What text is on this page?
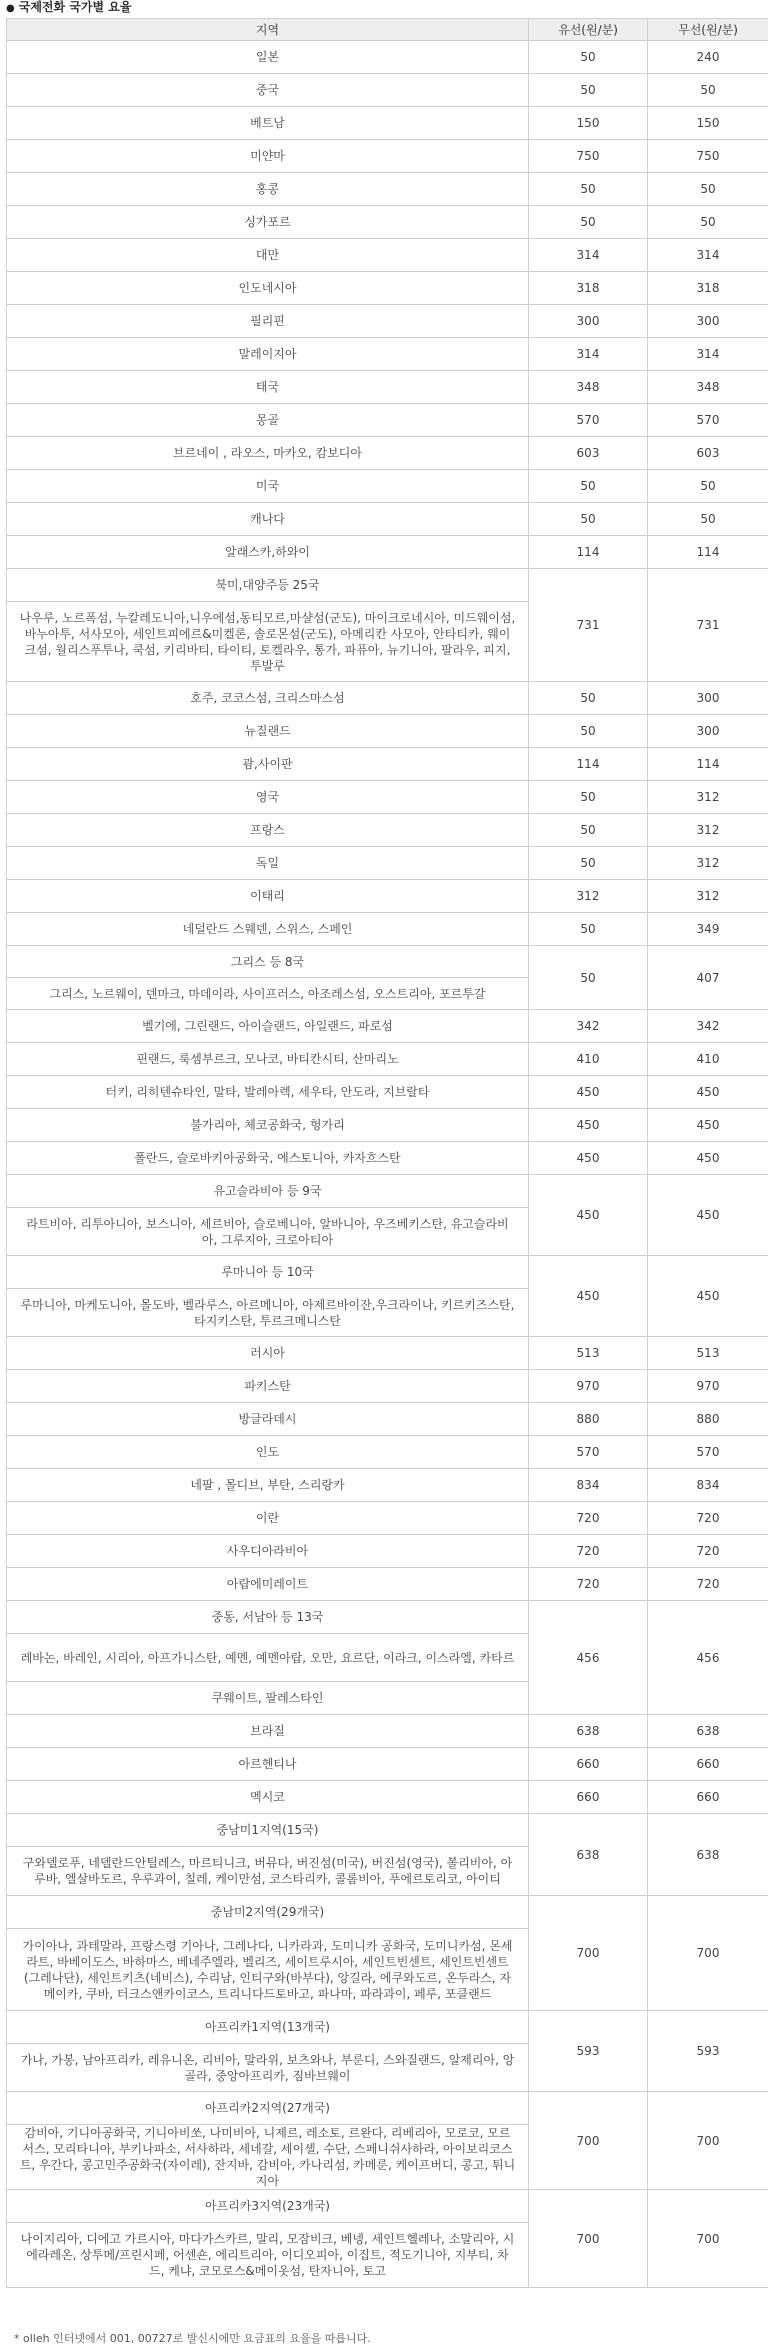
● 국제전화 국가별 요율
지역	유선(원/분)	무선(원/분)
일본	50	240
중국	50	50
베트남	150	150
미얀마	750	750
홍콩	50	50
싱가포르	50	50
대만	314	314
인도네시아	318	318
필리핀	300	300
말레이지아	314	314
태국	348	348
몽골	570	570
브르네이 , 라오스, 마카오, 캄보디아	603	603
미국	50	50
캐나다	50	50
알래스카,하와이	114	114
북미,대양주등 25국	731	731
나우루, 노르폭섬, 누칼레도니아,니우에섬,동티모르,마샬섬(군도), 마이크로네시아, 미드웨이섬, 바누아투, 서사모아, 세인트피에르&미켈론, 솔로몬섬(군도), 아메리칸 사모아, 안타티카, 웨이크섬, 월리스푸투나, 쿡섬, 키리바티, 타이티, 토켈라우, 통가, 파퓨아, 뉴기니아, 팔라우, 피지, 투발루		
호주, 코코스섬, 크리스마스섬	50	300
뉴질랜드	50	300
괌,사이판	114	114
영국	50	312
프랑스	50	312
독일	50	312
이태리	312	312
네덜란드 스웨덴, 스위스, 스페인	50	349
그리스 등 8국	50	407
그리스, 노르웨이, 덴마크, 마데이라, 사이프러스, 아조레스섬, 오스트리아, 포르투갈		
벨기에, 그린랜드, 아이슬랜드, 아일랜드, 파로섬	342	342
핀랜드, 룩셈부르크, 모나코, 바티칸시티, 산마리노	410	410
터키, 리히텐슈타인, 말타, 발레아렉, 세우타, 안도라, 지브랄타	450	450
불가리아, 체코공화국, 헝가리	450	450
폴란드, 슬로바키아공화국, 에스토니아, 카자흐스탄	450	450
유고슬라비아 등 9국	450	450
라트비아, 리투아니아, 보스니아, 세르비아, 슬로베니아, 알바니아, 우즈베키스탄, 유고슬라비아, 그루지아, 크로아티아		
루마니아 등 10국	450	450
루마니아, 마케도니아, 몰도바, 벨라루스, 아르메니아, 아제르바이잔,우크라이나, 키르키즈스탄, 타지키스탄, 투르크메니스탄		
러시아	513	513
파키스탄	970	970
방글라데시	880	880
인도	570	570
네팔 , 몰디브, 부탄, 스리랑카	834	834
이란	720	720
사우디아라비아	720	720
아랍에미레이트	720	720
중동, 서남아 등 13국	456	456
레바논, 바레인, 시리아, 아프가니스탄, 예멘, 예멘아랍, 오만, 요르단, 이라크, 이스라엘, 카타르		
쿠웨이트, 팔레스타인		
브라질	638	638
아르헨티나	660	660
멕시코	660	660
중남미1지역(15국)	638	638
구와델로푸, 네델란드안틸레스, 마르티니크, 버뮤다, 버진섬(미국), 버진섬(영국), 볼리비아, 아루바, 엘살바도르, 우루과이, 칠레, 케이만섬, 코스타리카, 콜롬비아, 푸에르토리코, 아이티		
중남미2지역(29개국)	700	700
가이아나, 과테말라, 프랑스령 기아나, 그레나다, 니카라과, 도미니카 공화국, 도미니카섬, 몬세라트, 바베이도스, 바하마스, 베네주엘라, 벨리즈, 세이트루시아, 세인트빈센트, 세인트빈센트(그레나단), 세인트키츠(네비스), 수리남, 인티구와(바부다), 앙길라, 에쿠와도르, 온두라스, 자메이카, 쿠바, 터크스앤카이코스, 트리니다드토바고, 파나마, 파라과이, 페루, 포클랜드		
아프리카1지역(13개국)	593	593
가나, 가봉, 남아프리카, 레유니온, 리비아, 말라위, 보츠와나, 부룬디, 스와질랜드, 알제리아, 앙골라, 중앙아프리카, 짐바브웨이		
아프리카2지역(27개국)	700	700
감비아, 기니아공화국, 기니아비쏘, 나미비아, 니제르, 레소토, 르완다, 리베리아, 모로코, 모르서스, 모리타니아, 부키나파소, 서사하라, 세네갈, 세이셸, 수단, 스페니쉬사하라, 아이보리코스트, 우간다, 콩고민주공화국(자이레), 잔지바, 감비아, 카나리섬, 카메룬, 케이프버디, 콩고, 튀니지아		
아프리카3지역(23개국)	700	700
나이지리아, 디에고 가르시아, 마다가스카르, 말리, 모잠비크, 베넹, 세인트헬레나, 소말리아, 시에라레온, 상투메/프린시페, 어센숀, 에리트리아, 이디오피아, 이집트, 적도기니아, 지부티, 차드, 케냐, 코모로스&메이옷섬, 탄자니아, 토고		
* olleh 인터넷에서 001, 00727로 발신시에만 요금표의 요율을 따릅니다.
